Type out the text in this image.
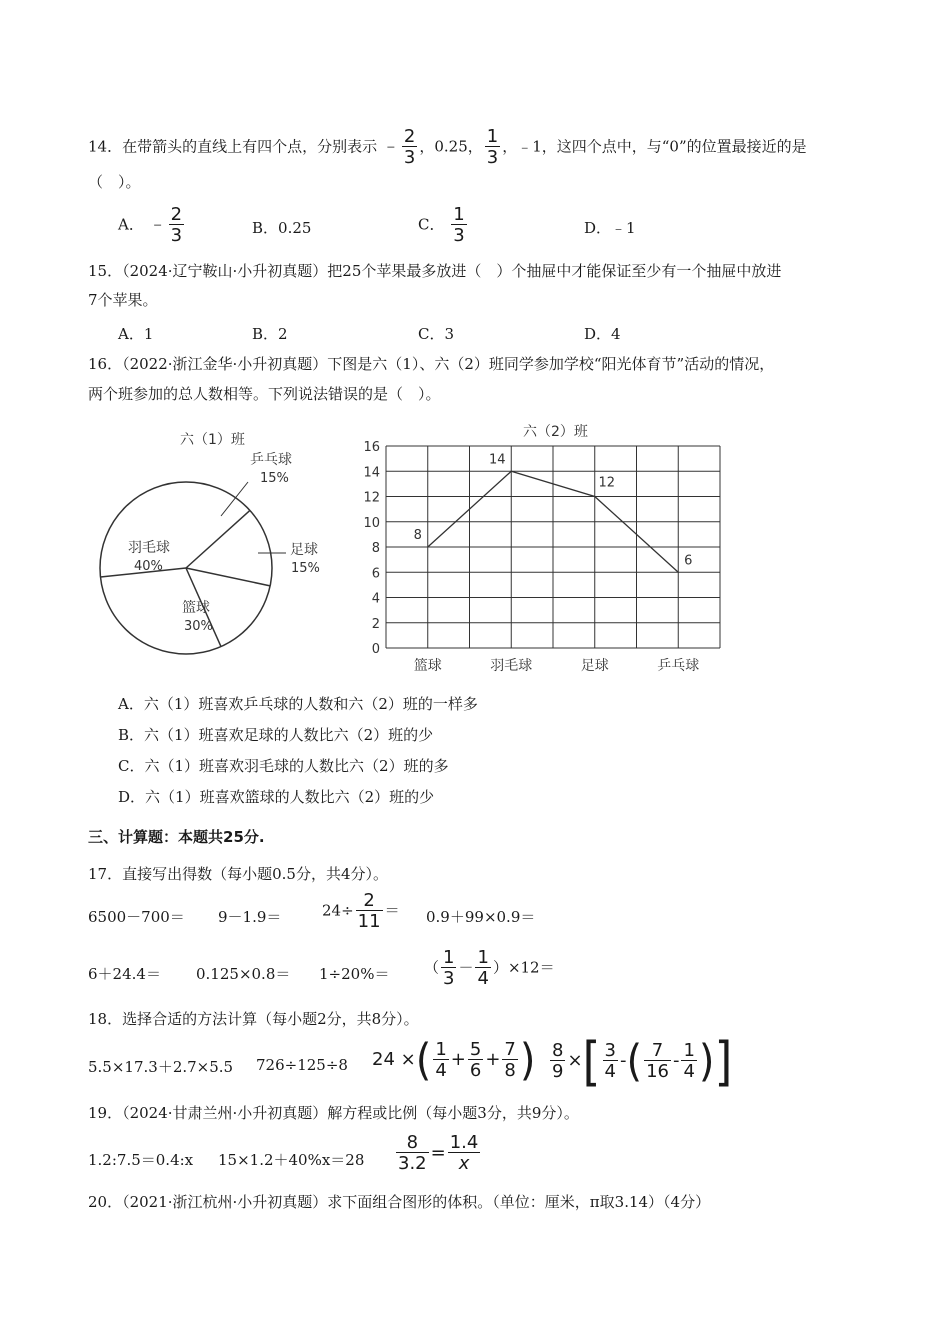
14．在带箭头的直线上有四个点，分别表示 ﹣ $\frac{2}{3}$ ，0.25， $\frac{1}{3}$ ，﹣1，这四个点中，与“0”的位置最接近的是
（　）。
A． ﹣ $\frac{2}{3}$	B．0.25	C． $\frac{1}{3}$	D．﹣1
15．（2024·辽宁鞍山·小升初真题）把25个苹果最多放进（　）个抽屉中才能保证至少有一个抽屉中放进
7个苹果。
A．1	B．2	C．3	D．4
16．（2022·浙江金华·小升初真题）下图是六（1）、六（2）班同学参加学校“阳光体育节”活动的情况，
两个班参加的总人数相等。下列说法错误的是（　）。
六（1）班
乒乓球
15%
足球
15%
篮球
30%
羽毛球
40%
六（2）班
0
2
4
6
8
10
12
14
16
篮球	羽毛球	足球	乒乓球
8
14
12
6
A．六（1）班喜欢乒乓球的人数和六（2）班的一样多
B．六（1）班喜欢足球的人数比六（2）班的少
C．六（1）班喜欢羽毛球的人数比六（2）班的多
D．六（1）班喜欢篮球的人数比六（2）班的少
三、计算题：本题共25分.
17．直接写出得数（每小题0.5分，共4分）。
6500－700＝ 9－1.9＝	$24\div \frac{2}{11} = 0.9+99\times 0.9=$
6＋24.4＝ 0.125×0.8＝ 1÷20%＝ （ $\frac{1}{3} - \frac{1}{4} )\times 12=$
18．选择合适的方法计算（每小题2分，共8分）。
5.5×17.3＋2.7×5.5 726÷125÷8 24 ×( $\frac{1}{4} + \frac{5}{6} + \frac{7}{8}$ ) $\frac{8}{9}$ ×[ $\frac{3}{4}$ -( $\frac{7}{16} - \frac{1}{4}$ )]
19．（2024·甘肃兰州·小升初真题）解方程或比例（每小题3分，共9分）。
1.2:7.5＝0.4:x $15\times 1.2+40\%x=28 \frac{8}{3.2} = \frac{1.4}{x}$
20．（2021·浙江杭州·小升初真题）求下面组合图形的体积。（单位：厘米，π取3.14）（4分）
